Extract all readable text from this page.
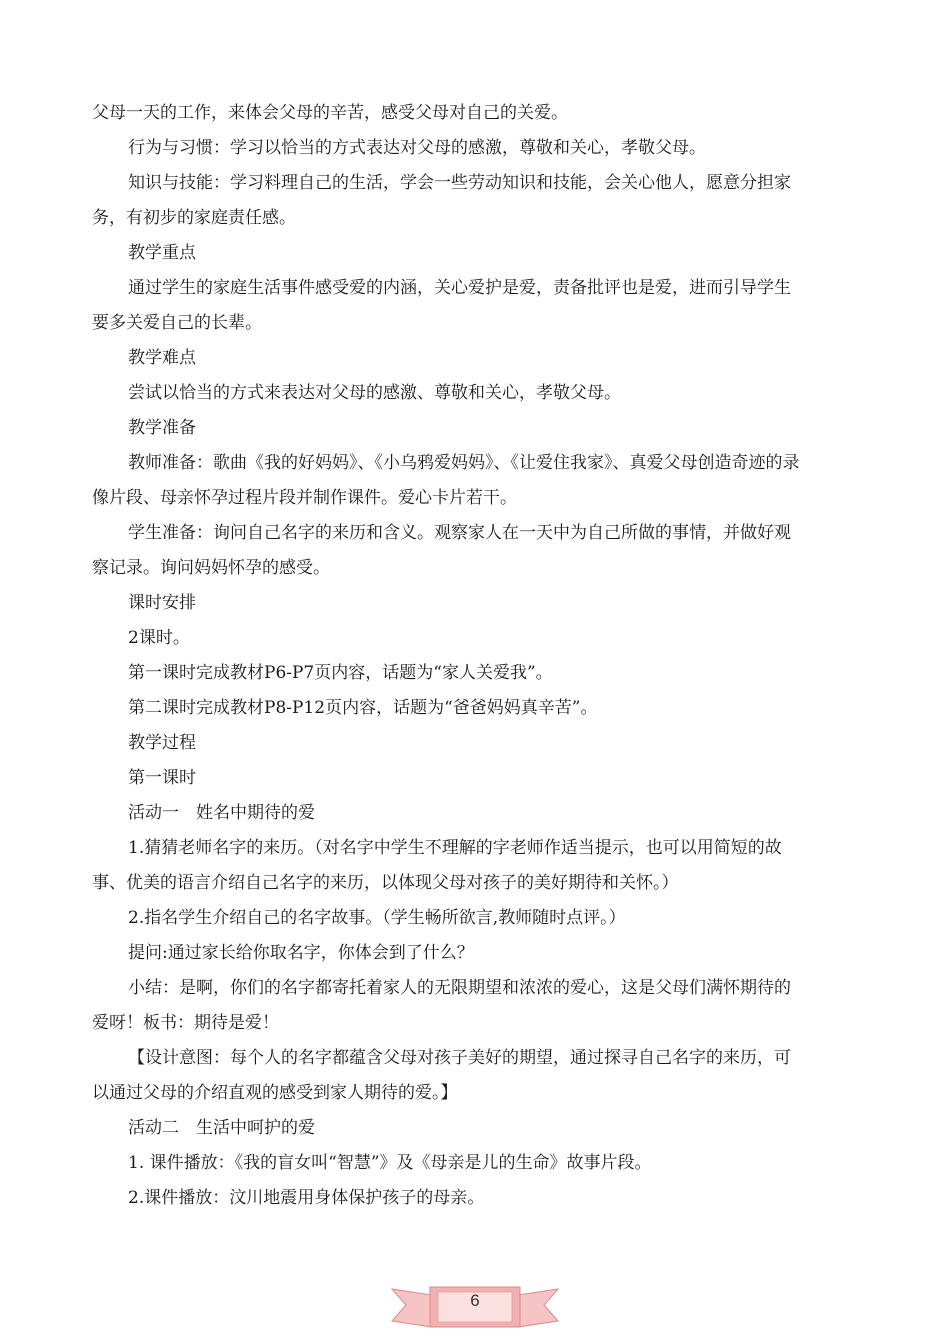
父母一天的工作，来体会父母的辛苦，感受父母对自己的关爱。

行为与习惯：学习以恰当的方式表达对父母的感激，尊敬和关心，孝敬父母。

知识与技能：学习料理自己的生活，学会一些劳动知识和技能，会关心他人，愿意分担家

务，有初步的家庭责任感。

教学重点

通过学生的家庭生活事件感受爱的内涵，关心爱护是爱，责备批评也是爱，进而引导学生

要多关爱自己的长辈。

教学难点

尝试以恰当的方式来表达对父母的感激、尊敬和关心，孝敬父母。

教学准备

教师准备：歌曲《我的好妈妈》、《小乌鸦爱妈妈》、《让爱住我家》、真爱父母创造奇迹的录

像片段、母亲怀孕过程片段并制作课件。爱心卡片若干。

学生准备：询问自己名字的来历和含义。观察家人在一天中为自己所做的事情，并做好观

察记录。询问妈妈怀孕的感受。

课时安排

2课时。

第一课时完成教材P6-P7页内容，话题为“家人关爱我”。

第二课时完成教材P8-P12页内容，话题为“爸爸妈妈真辛苦”。

教学过程

第一课时

活动一　姓名中期待的爱

1.猜猜老师名字的来历。（对名字中学生不理解的字老师作适当提示，也可以用简短的故

事、优美的语言介绍自己名字的来历，以体现父母对孩子的美好期待和关怀。）

2.指名学生介绍自己的名字故事。（学生畅所欲言,教师随时点评。）

提问:通过家长给你取名字，你体会到了什么？

小结：是啊，你们的名字都寄托着家人的无限期望和浓浓的爱心，这是父母们满怀期待的

爱呀！板书：期待是爱！

【设计意图：每个人的名字都蕴含父母对孩子美好的期望，通过探寻自己名字的来历，可

以通过父母的介绍直观的感受到家人期待的爱。】

活动二　生活中呵护的爱

1. 课件播放：《我的盲女叫“智慧”》及《母亲是儿的生命》故事片段。

2.课件播放：汶川地震用身体保护孩子的母亲。

6
